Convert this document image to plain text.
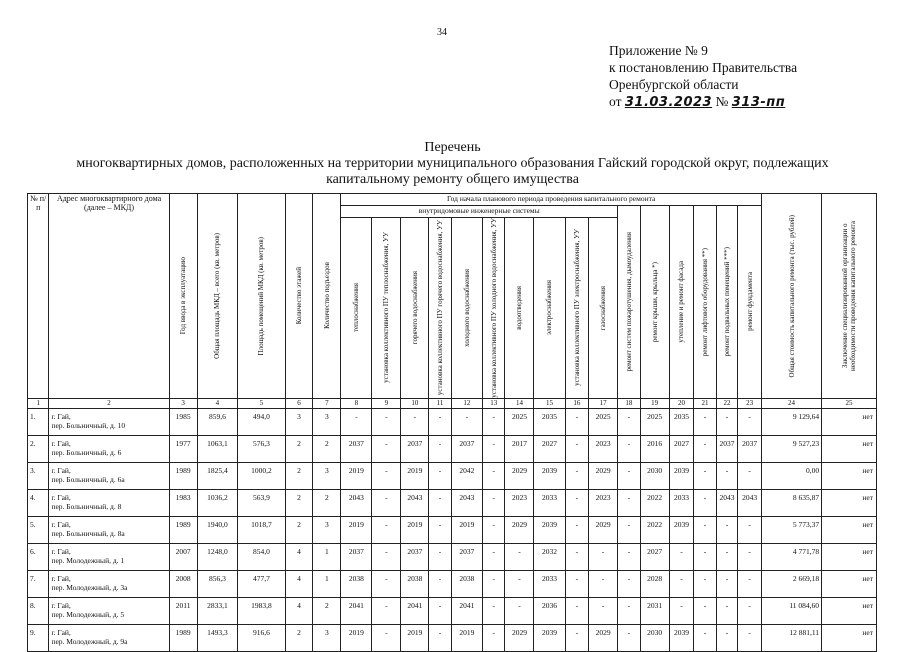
34
Приложение № 9
к постановлению Правительства
Оренбургской области
от 31.03.2023 № 313-пп
Перечень
многоквартирных домов, расположенных на территории муниципального образования Гайский городской округ, подлежащих
капитальному ремонту общего имущества
№ п/п	Адрес многоквартирного дома (далее – МКД)	Год ввода в эксплуатацию	Общая площадь МКД – всего (кв. метров)	Площадь помещений МКД (кв. метров)	Количество этажей	Количество подъездов	Год начала планового периода проведения капитального ремонта																Общая стоимость капитального ремонта (тыс. рублей)	Заключение специализированной организации о необходимости проведения капитального ремонта

							внутридомовые инженерные системы										ремонт систем пожаротушения, дымоудаления	ремонт крыши, крыльца *)	утепление и ремонт фасада	ремонт лифтового оборудования **)	ремонт подвальных помещений ***)	ремонт фундамента		

							теплоснабжения	установка коллективного ПУ теплоснабжения, УУ	горячего водоснабжения	установка коллективного ПУ горячего водоснабжения, УУ	холодного водоснабжения	установка коллективного ПУ холодного водоснабжения, УУ	водоотведения	электроснабжения	установка коллективного ПУ электроснабжения, УУ	газоснабжения								

1	2	3	4	5	6	7	8	9	10	11	12	13	14	15	16	17	18	19	20	21	22	23	24	25
1.	г. Гай,
пер. Больничный, д. 10	1985	859,6	494,0	3	3	-	-	-	-	-	-	2025	2035	-	2025	-	2025	2035	-	-	-	9 129,64	нет
2.	г. Гай,
пер. Больничный, д. 6	1977	1063,1	576,3	2	2	2037	-	2037	-	2037	-	2017	2027	-	2023	-	2016	2027	-	2037	2037	9 527,23	нет
3.	г. Гай,
пер. Больничный, д. 6а	1989	1825,4	1000,2	2	3	2019	-	2019	-	2042	-	2029	2039	-	2029	-	2030	2039	-	-	-	0,00	нет
4.	г. Гай,
пер. Больничный, д. 8	1983	1036,2	563,9	2	2	2043	-	2043	-	2043	-	2023	2033	-	2023	-	2022	2033	-	2043	2043	8 635,87	нет
5.	г. Гай,
пер. Больничный, д. 8а	1989	1940,0	1018,7	2	3	2019	-	2019	-	2019	-	2029	2039	-	2029	-	2022	2039	-	-	-	5 773,37	нет
6.	г. Гай,
пер. Молодежный, д. 1	2007	1248,0	854,0	4	1	2037	-	2037	-	2037	-	-	2032	-	-	-	2027	-	-	-	-	4 771,78	нет
7.	г. Гай,
пер. Молодежный, д. 3а	2008	856,3	477,7	4	1	2038	-	2038	-	2038	-	-	2033	-	-	-	2028	-	-	-	-	2 669,18	нет
8.	г. Гай,
пер. Молодежный, д. 5	2011	2833,1	1983,8	4	2	2041	-	2041	-	2041	-	-	2036	-	-	-	2031	-	-	-	-	11 084,60	нет
9.	г. Гай,
пер. Молодежный, д. 9а	1989	1493,3	916,6	2	3	2019	-	2019	-	2019	-	2029	2039	-	2029	-	2030	2039	-	-	-	12 881,11	нет
